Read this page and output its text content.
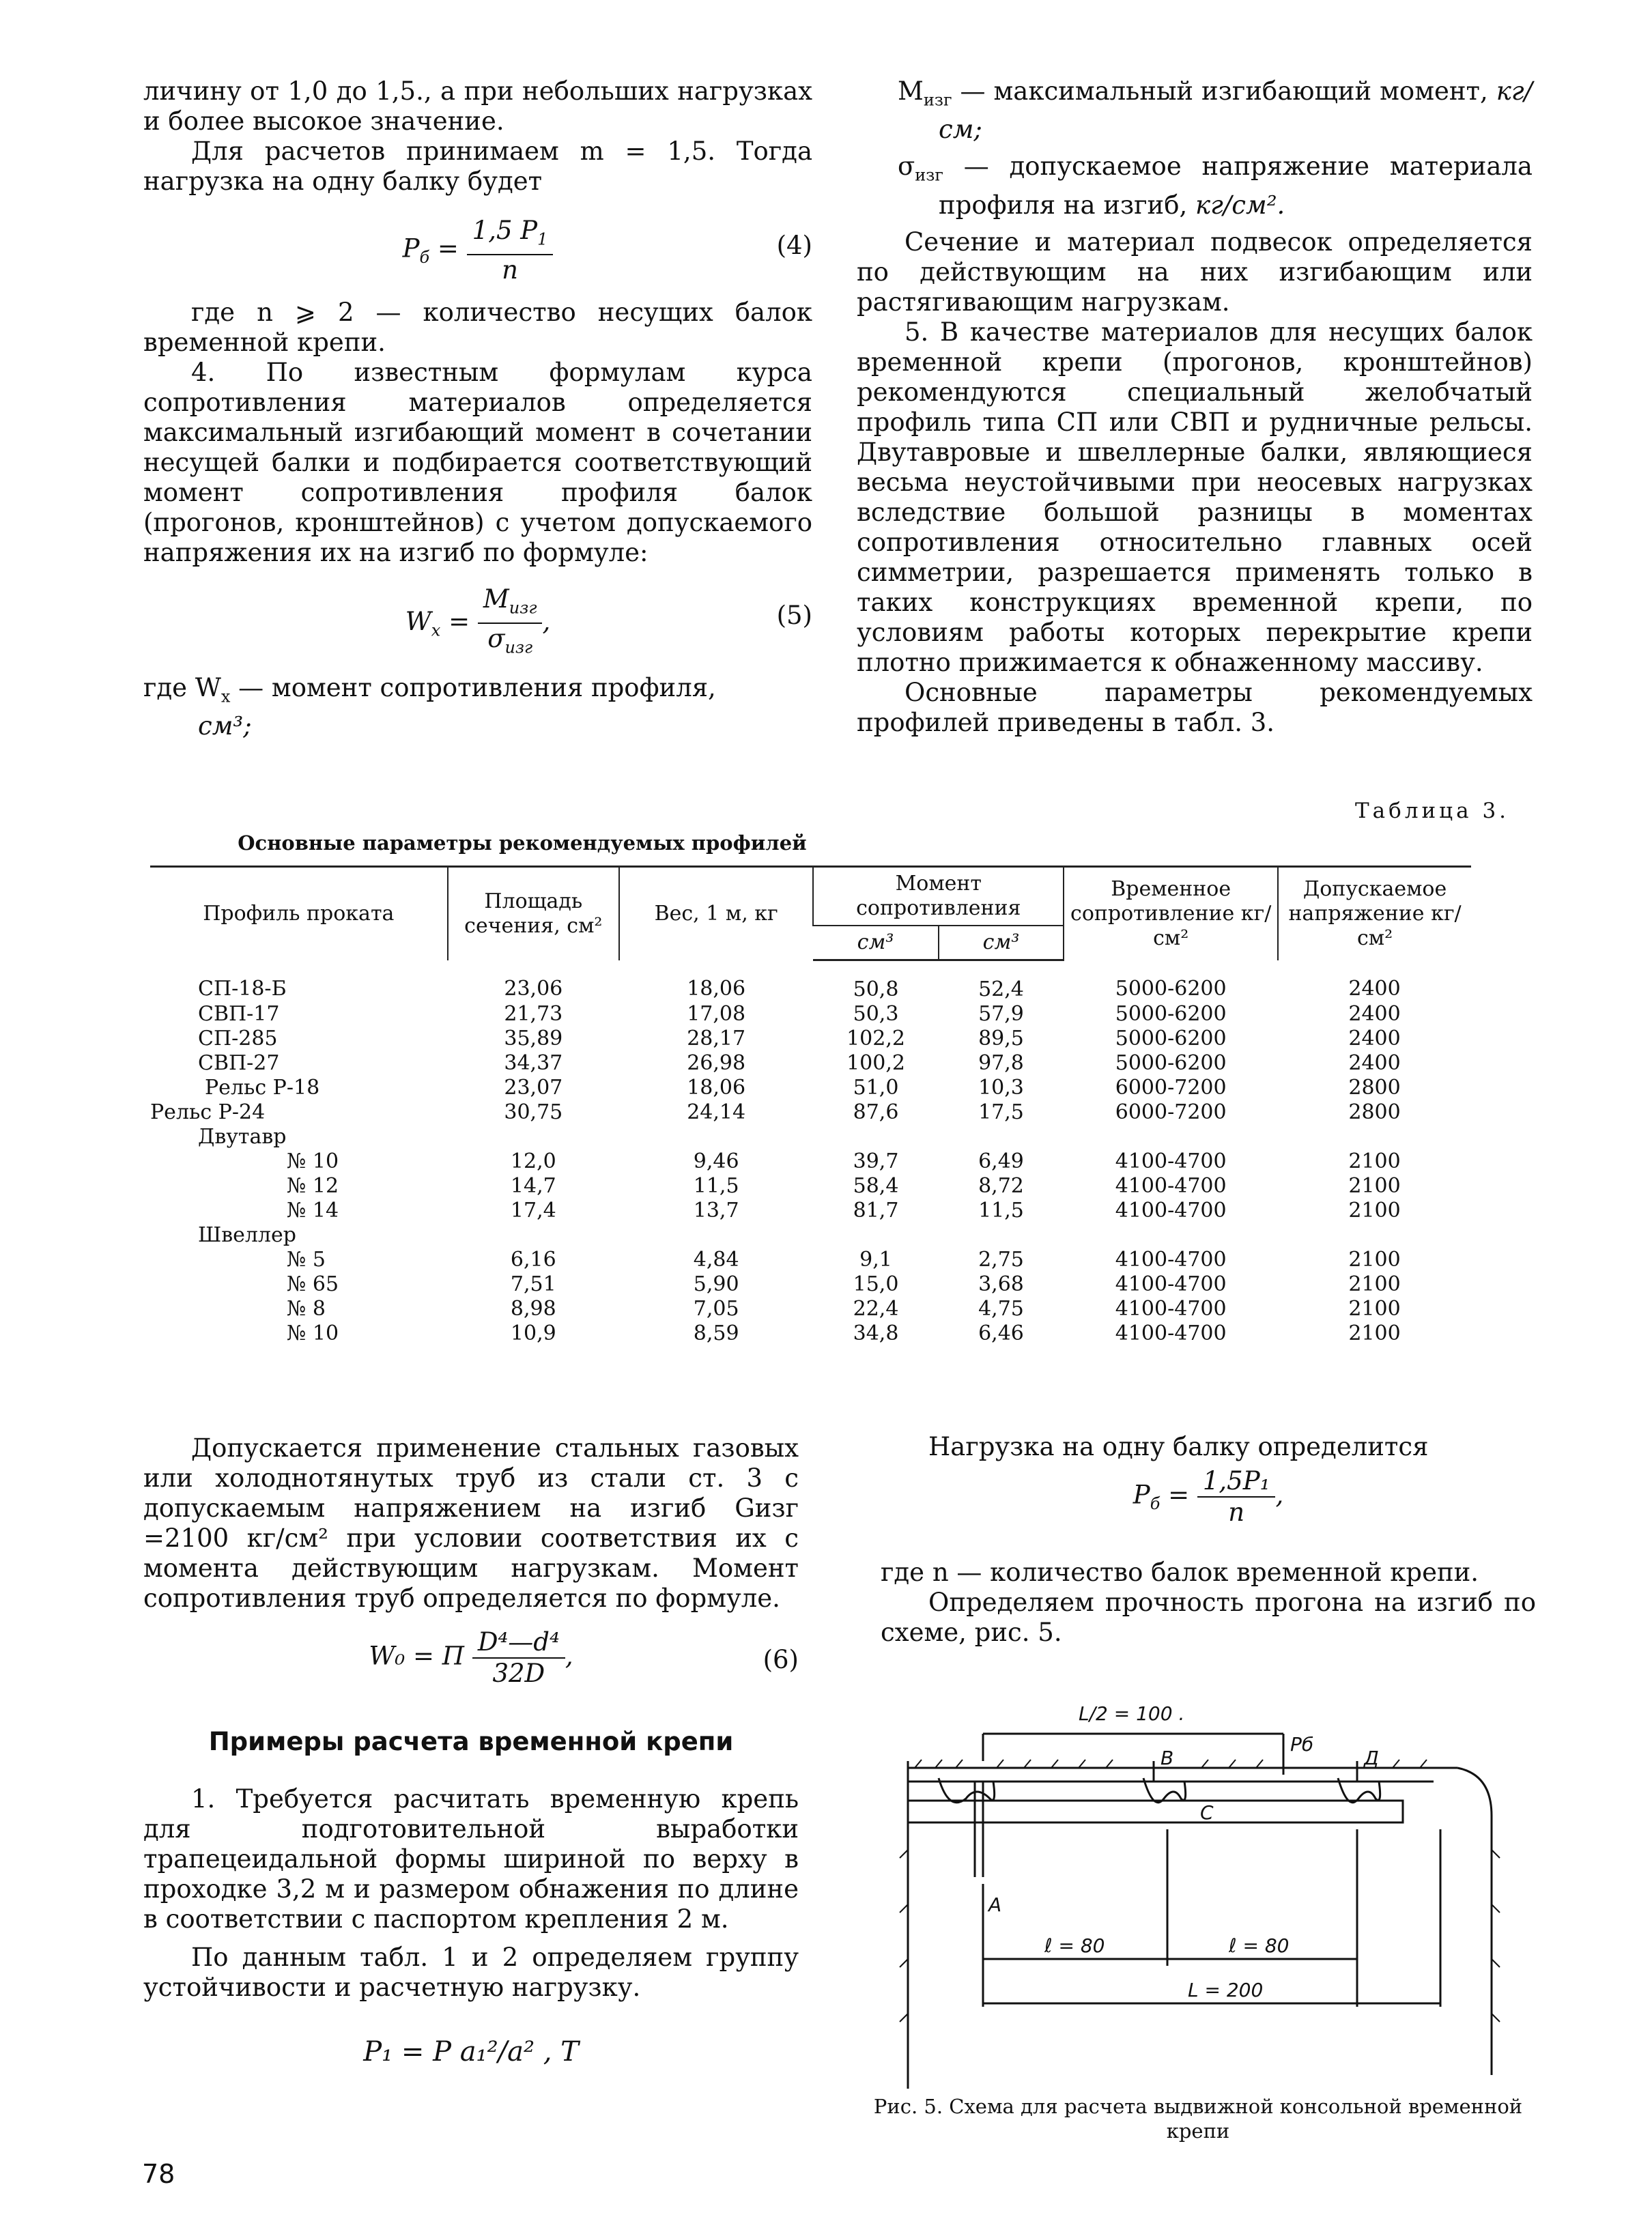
личину от 1,0 до 1,5., а при небольших нагрузках и более высокое значение.

Для расчетов принимаем m = 1,5. Тогда нагрузка на одну балку будет

$P_б = \frac{1,5 P_1}{n}$	(4)

где n ⩾ 2 — количество несущих балок временной крепи.

4. По известным формулам курса сопротивления материалов определяется максимальный изгибающий момент в сочетании несущей балки и подбирается соответствующий момент сопротивления профиля балок (прогонов, кронштейнов) с учетом допускаемого напряжения их на изгиб по формуле:

$W_x = \frac{M_{изг}}{\sigma_{изг}}$ ,	(5)

где $W_x$ — момент сопротивления профиля,
см³;

$M_{изг}$ — максимальный изгибающий момент, кг/см;

$\sigma_{изг}$ — допускаемое напряжение материала профиля на изгиб, кг/см².

Сечение и материал подвесок определяется по действующим на них изгибающим или растягивающим нагрузкам.

5. В качестве материалов для несущих балок временной крепи (прогонов, кронштейнов) рекомендуются специальный желобчатый профиль типа СП или СВП и рудничные рельсы. Двутавровые и швеллерные балки, являющиеся весьма неустойчивыми при неосевых нагрузках вследствие большой разницы в моментах сопротивления относительно главных осей симметрии, разрешается применять только в таких конструкциях временной крепи, по условиям работы которых перекрытие крепи плотно прижимается к обнаженному массиву.

Основные параметры рекомендуемых профилей приведены в табл. 3.

Таблица 3.
Основные параметры рекомендуемых профилей
Профиль проката	Площадь сечения, см²	Вес, 1 м, кг	Момент сопротивления		Временное сопротивление кг/см²	Допускаемое напряжение кг/см²
			см³	см³		
СП-18-Б	23,06	18,06	50,8	52,4	5000-6200	2400
СВП-17	21,73	17,08	50,3	57,9	5000-6200	2400
СП-285	35,89	28,17	102,2	89,5	5000-6200	2400
СВП-27	34,37	26,98	100,2	97,8	5000-6200	2400
Рельс Р-18	23,07	18,06	51,0	10,3	6000-7200	2800
Рельс Р-24	30,75	24,14	87,6	17,5	6000-7200	2800
Двутавр						
№ 10	12,0	9,46	39,7	6,49	4100-4700	2100
№ 12	14,7	11,5	58,4	8,72	4100-4700	2100
№ 14	17,4	13,7	81,7	11,5	4100-4700	2100
Швеллер						
№ 5	6,16	4,84	9,1	2,75	4100-4700	2100
№ 65	7,51	5,90	15,0	3,68	4100-4700	2100
№ 8	8,98	7,05	22,4	4,75	4100-4700	2100
№ 10	10,9	8,59	34,8	6,46	4100-4700	2100

Допускается применение стальных газовых или холоднотянутых труб из стали ст. 3 с допускаемым напряжением на изгиб Gизг =2100 кг/см² при условии соответствия их с момента действующим нагрузкам. Момент сопротивления труб определяется по формуле.

W₀ = П $\frac{\text{D⁴—d⁴}}{32D}$ ,	(6)
Примеры расчета временной крепи

1. Требуется расчитать временную крепь для подготовительной выработки трапецеидальной формы шириной по верху в проходке 3,2 м и размером обнажения по длине в соответствии с паспортом крепления 2 м.

По данным табл. 1 и 2 определяем группу устойчивости и расчетную нагрузку.

P₁ = P a₁²/a² , T

Нагрузка на одну балку определится

$P_б = \frac{\text{1,5P₁}}{n}$ ,

где n — количество балок временной крепи.

Определяем прочность прогона на изгиб по схеме, рис. 5.

L/2 = 100 .
Pб
B	Д
C
A
ℓ = 80	ℓ = 80
L = 200
Рис. 5. Схема для расчета выдвижной консольной временной крепи
78
